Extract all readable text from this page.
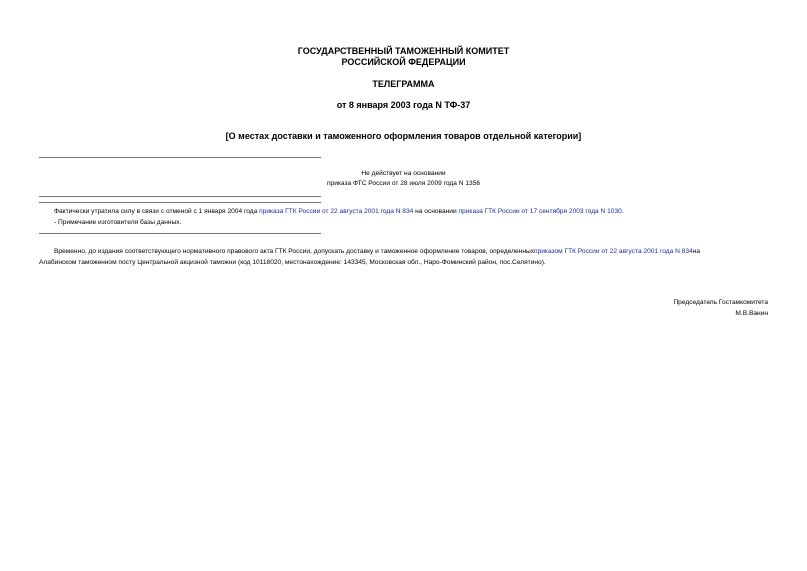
ГОСУДАРСТВЕННЫЙ ТАМОЖЕННЫЙ КОМИТЕТ
РОССИЙСКОЙ ФЕДЕРАЦИИ
ТЕЛЕГРАММА
от 8 января 2003 года N ТФ-37
[О местах доставки и таможенного оформления товаров отдельной категории]
Не действует на основании
приказа ФТС России от 28 июля 2009 года N 1356
Фактически утратила силу в связи с отменой с 1 января 2004 года приказа ГТК России от 22 августа 2001 года N 834 на основании приказа ГТК России от 17 сентября 2003 года N 1030.
- Примечание изготовителя базы данных.
Временно, до издания соответствующего нормативного правового акта ГТК России, допускать доставку и таможенное оформление товаров, определенныхприказом ГТК России от 22 августа 2001 года N 834на
Алабинском таможенном посту Центральной акцизной таможни (код 10118020, местонахождение: 143345, Московская обл., Наро-Фоминский район, пос.Селятино).
Председатель Гостамкомитета
М.В.Ванин
